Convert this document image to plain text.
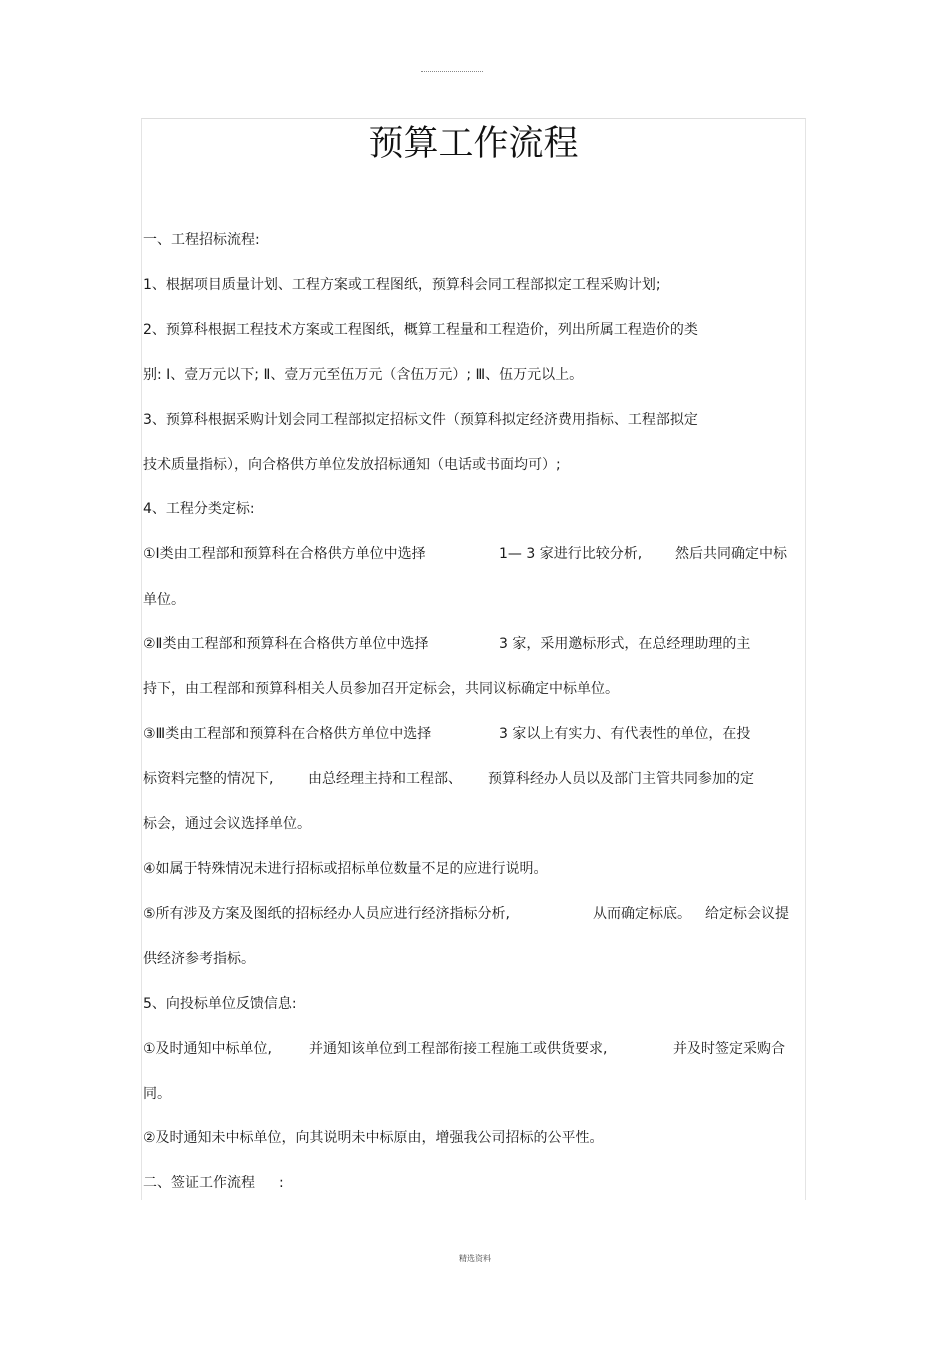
预算工作流程
一、工程招标流程:
1、根据项目质量计划、工程方案或工程图纸，预算科会同工程部拟定工程采购计划;
2、预算科根据工程技术方案或工程图纸，概算工程量和工程造价，列出所属工程造价的类
别: Ⅰ、壹万元以下; Ⅱ、壹万元至伍万元（含伍万元）; Ⅲ、伍万元以上。
3、预算科根据采购计划会同工程部拟定招标文件（预算科拟定经济费用指标、工程部拟定
技术质量指标），向合格供方单位发放招标通知（电话或书面均可）;
4、工程分类定标:
①Ⅰ类由工程部和预算科在合格供方单位中选择	1— 3 家进行比较分析, 然后共同确定中标
单位。
②Ⅱ类由工程部和预算科在合格供方单位中选择	3 家，采用邀标形式，在总经理助理的主
持下，由工程部和预算科相关人员参加召开定标会，共同议标确定中标单位。
③Ⅲ类由工程部和预算科在合格供方单位中选择	3 家以上有实力、有代表性的单位，在投
标资料完整的情况下, 由总经理主持和工程部、 预算科经办人员以及部门主管共同参加的定
标会，通过会议选择单位。
④如属于特殊情况未进行招标或招标单位数量不足的应进行说明。
⑤所有涉及方案及图纸的招标经办人员应进行经济指标分析,	从而确定标底。 给定标会议提
供经济参考指标。
5、向投标单位反馈信息:
①及时通知中标单位,	并通知该单位到工程部衔接工程施工或供货要求,	并及时签定采购合
同。
②及时通知未中标单位，向其说明未中标原由，增强我公司招标的公平性。
二、签证工作流程 :
精选资料
